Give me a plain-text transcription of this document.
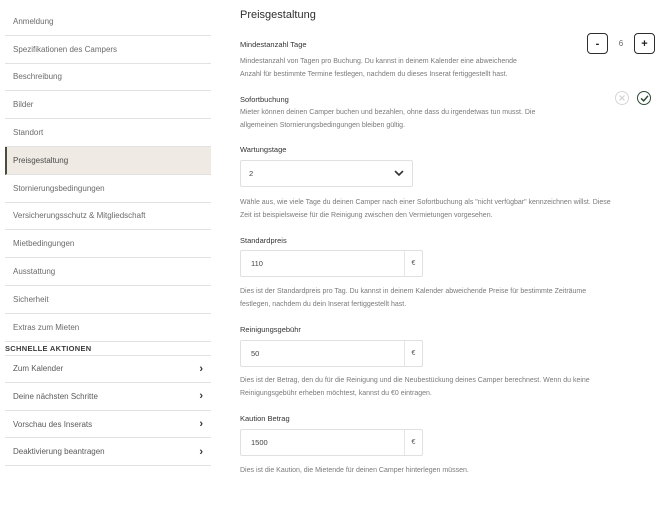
Anmeldung
Spezifikationen des Campers
Beschreibung
Bilder
Standort
Preisgestaltung
Stornierungsbedingungen
Versicherungsschutz & Mitgliedschaft
Mietbedingungen
Ausstattung
Sicherheit
Extras zum Mieten
SCHNELLE AKTIONEN
Zum Kalender	›
Deine nächsten Schritte	›
Vorschau des Inserats	›
Deaktivierung beantragen	›
Preisgestaltung
Mindestanzahl Tage
Mindestanzahl von Tagen pro Buchung. Du kannst in deinem Kalender eine abweichende
Anzahl für bestimmte Termine festlegen, nachdem du dieses Inserat fertiggestellt hast.
-	6	+
Sofortbuchung
Mieter können deinen Camper buchen und bezahlen, ohne dass du irgendetwas tun musst. Die
allgemeinen Stornierungsbedingungen bleiben gültig.
Wartungstage
2
Wähle aus, wie viele Tage du deinen Camper nach einer Sofortbuchung als "nicht verfügbar" kennzeichnen willst. Diese
Zeit ist beispielsweise für die Reinigung zwischen den Vermietungen vorgesehen.
Standardpreis
110	€
Dies ist der Standardpreis pro Tag. Du kannst in deinem Kalender abweichende Preise für bestimmte Zeiträume
festlegen, nachdem du dein Inserat fertiggestellt hast.
Reinigungsgebühr
50	€
Dies ist der Betrag, den du für die Reinigung und die Neubestückung deines Camper berechnest. Wenn du keine
Reinigungsgebühr erheben möchtest, kannst du €0 eintragen.
Kaution Betrag
1500	€
Dies ist die Kaution, die Mietende für deinen Camper hinterlegen müssen.
